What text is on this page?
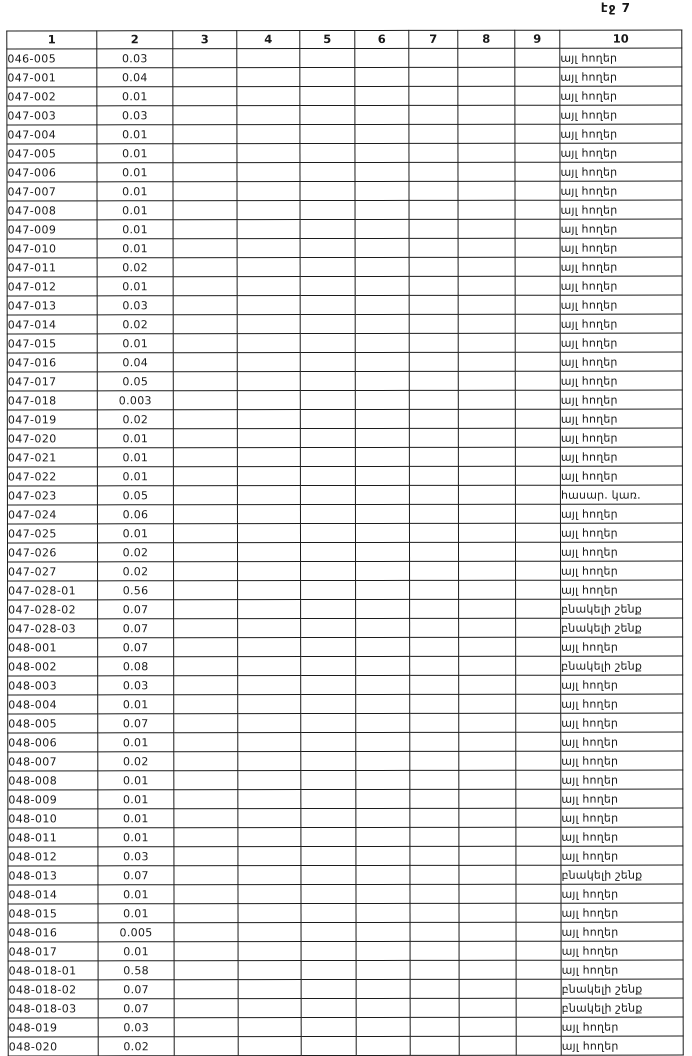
էջ 7
1	2	3	4	5	6	7	8	9	10
046-005	0.03								այլ հողեր
047-001	0.04								այլ հողեր
047-002	0.01								այլ հողեր
047-003	0.03								այլ հողեր
047-004	0.01								այլ հողեր
047-005	0.01								այլ հողեր
047-006	0.01								այլ հողեր
047-007	0.01								այլ հողեր
047-008	0.01								այլ հողեր
047-009	0.01								այլ հողեր
047-010	0.01								այլ հողեր
047-011	0.02								այլ հողեր
047-012	0.01								այլ հողեր
047-013	0.03								այլ հողեր
047-014	0.02								այլ հողեր
047-015	0.01								այլ հողեր
047-016	0.04								այլ հողեր
047-017	0.05								այլ հողեր
047-018	0.003								այլ հողեր
047-019	0.02								այլ հողեր
047-020	0.01								այլ հողեր
047-021	0.01								այլ հողեր
047-022	0.01								այլ հողեր
047-023	0.05								հասար. կառ.
047-024	0.06								այլ հողեր
047-025	0.01								այլ հողեր
047-026	0.02								այլ հողեր
047-027	0.02								այլ հողեր
047-028-01	0.56								այլ հողեր
047-028-02	0.07								բնակելի շենք
047-028-03	0.07								բնակելի շենք
048-001	0.07								այլ հողեր
048-002	0.08								բնակելի շենք
048-003	0.03								այլ հողեր
048-004	0.01								այլ հողեր
048-005	0.07								այլ հողեր
048-006	0.01								այլ հողեր
048-007	0.02								այլ հողեր
048-008	0.01								այլ հողեր
048-009	0.01								այլ հողեր
048-010	0.01								այլ հողեր
048-011	0.01								այլ հողեր
048-012	0.03								այլ հողեր
048-013	0.07								բնակելի շենք
048-014	0.01								այլ հողեր
048-015	0.01								այլ հողեր
048-016	0.005								այլ հողեր
048-017	0.01								այլ հողեր
048-018-01	0.58								այլ հողեր
048-018-02	0.07								բնակելի շենք
048-018-03	0.07								բնակելի շենք
048-019	0.03								այլ հողեր
048-020	0.02								այլ հողեր
